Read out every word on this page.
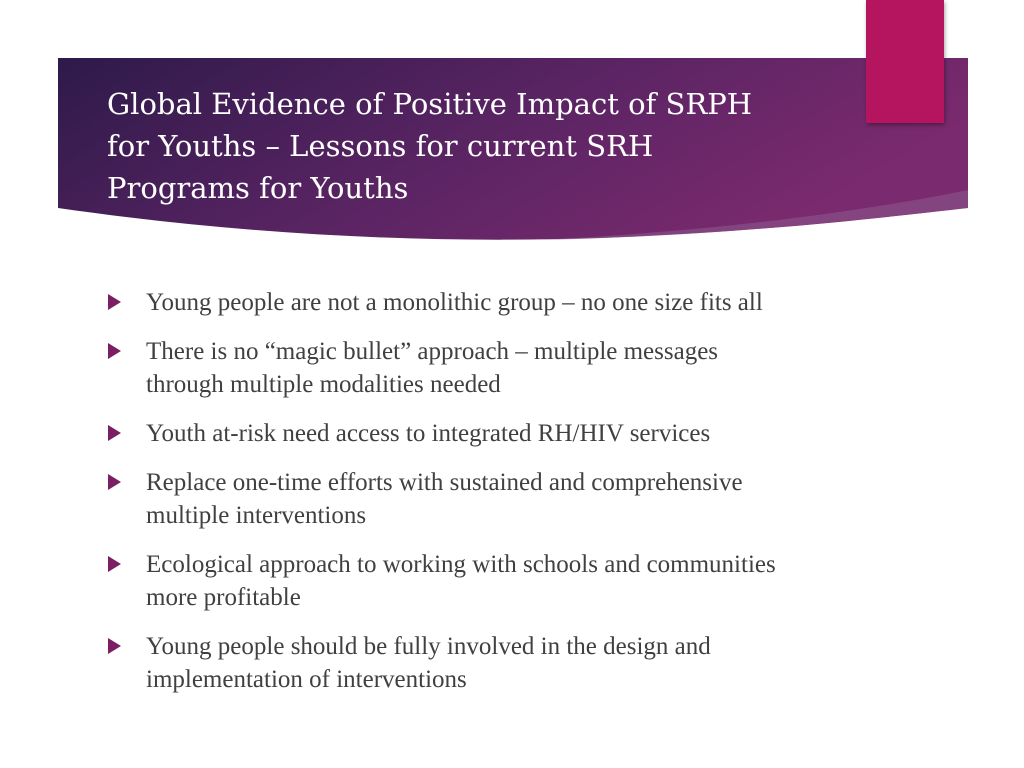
Global Evidence of Positive Impact of SRPH
for Youths – Lessons for current SRH
Programs for Youths
Young people are not a monolithic group – no one size fits all
There is no “magic bullet” approach – multiple messages through multiple modalities needed
Youth at-risk need access to integrated RH/HIV services
Replace one-time efforts with sustained and comprehensive multiple interventions
Ecological approach to working with schools and communities more profitable
Young people should be fully involved in the design and implementation of interventions
